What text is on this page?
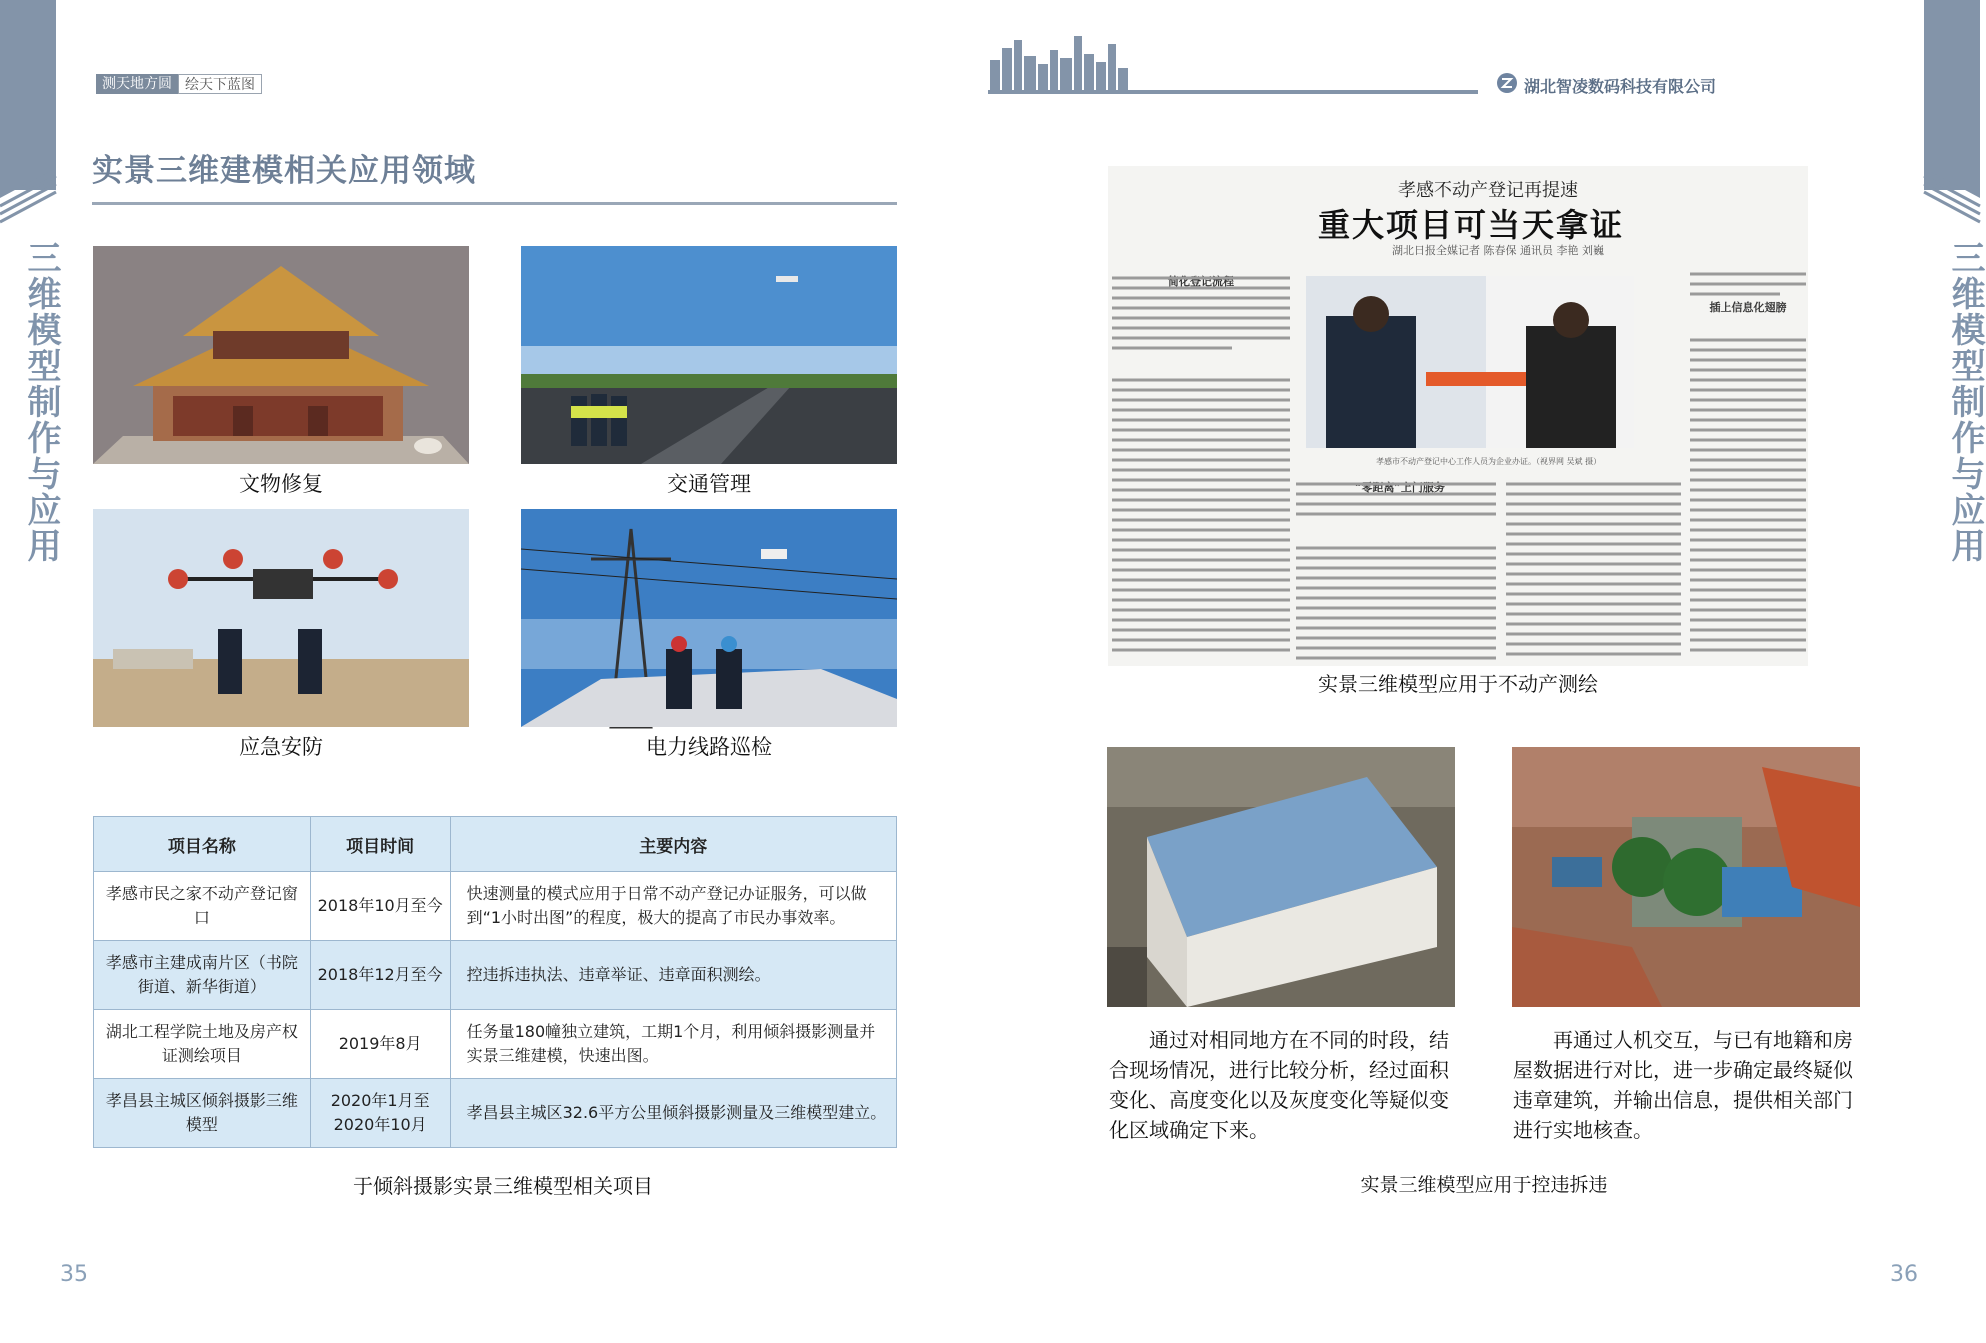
三维模型制作与应用	三维模型制作与应用
测天地方圆 绘天下蓝图
实景三维建模相关应用领域
文物修复	交通管理
应急安防	电力线路巡检
项目名称	项目时间	主要内容
孝感市民之家不动产登记窗口	2018年10月至今	快速测量的模式应用于日常不动产登记办证服务，可以做到“1小时出图”的程度，极大的提高了市民办事效率。
孝感市主建成南片区（书院街道、新华街道）	2018年12月至今	控违拆违执法、违章举证、违章面积测绘。
湖北工程学院土地及房产权证测绘项目	2019年8月	任务量180幢独立建筑，工期1个月，利用倾斜摄影测量并实景三维建模，快速出图。
孝昌县主城区倾斜摄影三维模型	2020年1月至2020年10月	孝昌县主城区32.6平方公里倾斜摄影测量及三维模型建立。
于倾斜摄影实景三维模型相关项目
35
湖北智凌数码科技有限公司
孝感不动产登记再提速
重大项目可当天拿证
湖北日报全媒记者 陈春保 通讯员 李艳 刘巍
简化登记流程
“零距离”上门服务
插上信息化翅膀
孝感市不动产登记中心工作人员为企业办证。（视界网 吴斌 摄）
实景三维模型应用于不动产测绘
通过对相同地方在不同的时段，结合现场情况，进行比较分析，经过面积变化、高度变化以及灰度变化等疑似变化区域确定下来。
再通过人机交互，与已有地籍和房屋数据进行对比，进一步确定最终疑似违章建筑，并输出信息，提供相关部门进行实地核查。
实景三维模型应用于控违拆违
36
